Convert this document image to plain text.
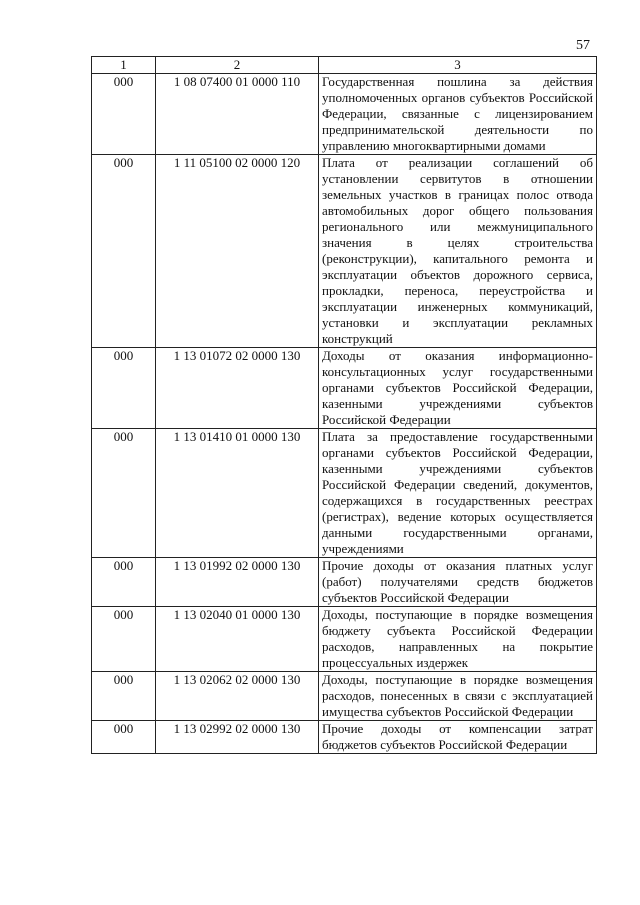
57
1	2	3
000	1 08 07400 01 0000 110	Государственная пошлина за действия уполномоченных органов субъектов Российской Федерации, связанные с лицензированием предпринимательской деятельности по управлению многоквартирными домами
000	1 11 05100 02 0000 120	Плата от реализации соглашений об установлении сервитутов в отношении земельных участков в границах полос отвода автомобильных дорог общего пользования регионального или межмуниципального значения в целях строительства (реконструкции), капитального ремонта и эксплуатации объектов дорожного сервиса, прокладки, переноса, переустройства и эксплуатации инженерных коммуникаций, установки и эксплуатации рекламных конструкций
000	1 13 01072 02 0000 130	Доходы от оказания информационно-консультационных услуг государственными органами субъектов Российской Федерации, казенными учреждениями субъектов Российской Федерации
000	1 13 01410 01 0000 130	Плата за предоставление государственными органами субъектов Российской Федерации, казенными учреждениями субъектов Российской Федерации сведений, документов, содержащихся в государственных реестрах (регистрах), ведение которых осуществляется данными государственными органами, учреждениями
000	1 13 01992 02 0000 130	Прочие доходы от оказания платных услуг (работ) получателями средств бюджетов субъектов Российской Федерации
000	1 13 02040 01 0000 130	Доходы, поступающие в порядке возмещения бюджету субъекта Российской Федерации расходов, направленных на покрытие процессуальных издержек
000	1 13 02062 02 0000 130	Доходы, поступающие в порядке возмещения расходов, понесенных в связи с эксплуатацией имущества субъектов Российской Федерации
000	1 13 02992 02 0000 130	Прочие доходы от компенсации затрат бюджетов субъектов Российской Федерации
